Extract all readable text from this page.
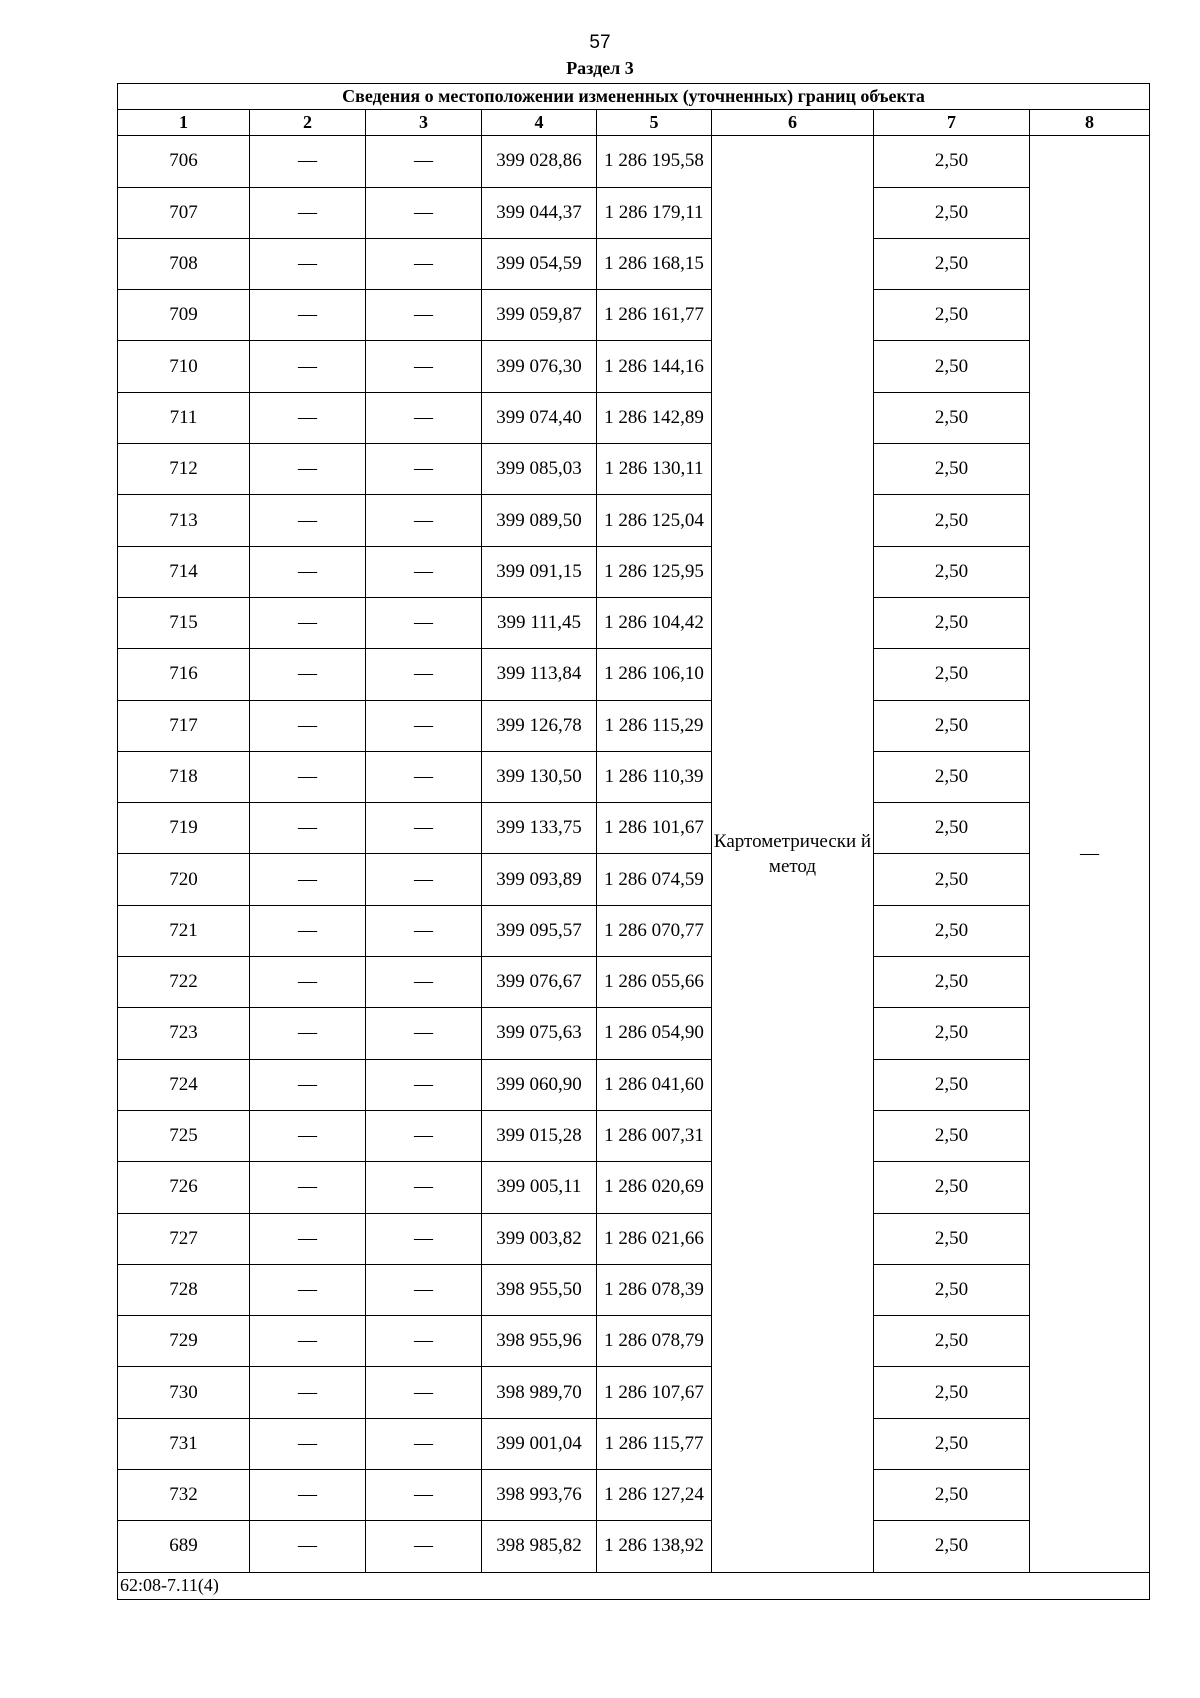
57
Раздел 3
Сведения о местоположении измененных (уточненных) границ объекта							
1	2	3	4	5	6	7	8
706	—	—	399 028,86	1 286 195,58	Картометрически й метод	2,50	—
707	—	—	399 044,37	1 286 179,11		2,50	
708	—	—	399 054,59	1 286 168,15		2,50	
709	—	—	399 059,87	1 286 161,77		2,50	
710	—	—	399 076,30	1 286 144,16		2,50	
711	—	—	399 074,40	1 286 142,89		2,50	
712	—	—	399 085,03	1 286 130,11		2,50	
713	—	—	399 089,50	1 286 125,04		2,50	
714	—	—	399 091,15	1 286 125,95		2,50	
715	—	—	399 111,45	1 286 104,42		2,50	
716	—	—	399 113,84	1 286 106,10		2,50	
717	—	—	399 126,78	1 286 115,29		2,50	
718	—	—	399 130,50	1 286 110,39		2,50	
719	—	—	399 133,75	1 286 101,67		2,50	
720	—	—	399 093,89	1 286 074,59		2,50	
721	—	—	399 095,57	1 286 070,77		2,50	
722	—	—	399 076,67	1 286 055,66		2,50	
723	—	—	399 075,63	1 286 054,90		2,50	
724	—	—	399 060,90	1 286 041,60		2,50	
725	—	—	399 015,28	1 286 007,31		2,50	
726	—	—	399 005,11	1 286 020,69		2,50	
727	—	—	399 003,82	1 286 021,66		2,50	
728	—	—	398 955,50	1 286 078,39		2,50	
729	—	—	398 955,96	1 286 078,79		2,50	
730	—	—	398 989,70	1 286 107,67		2,50	
731	—	—	399 001,04	1 286 115,77		2,50	
732	—	—	398 993,76	1 286 127,24		2,50	
689	—	—	398 985,82	1 286 138,92		2,50	
62:08-7.11(4)							
